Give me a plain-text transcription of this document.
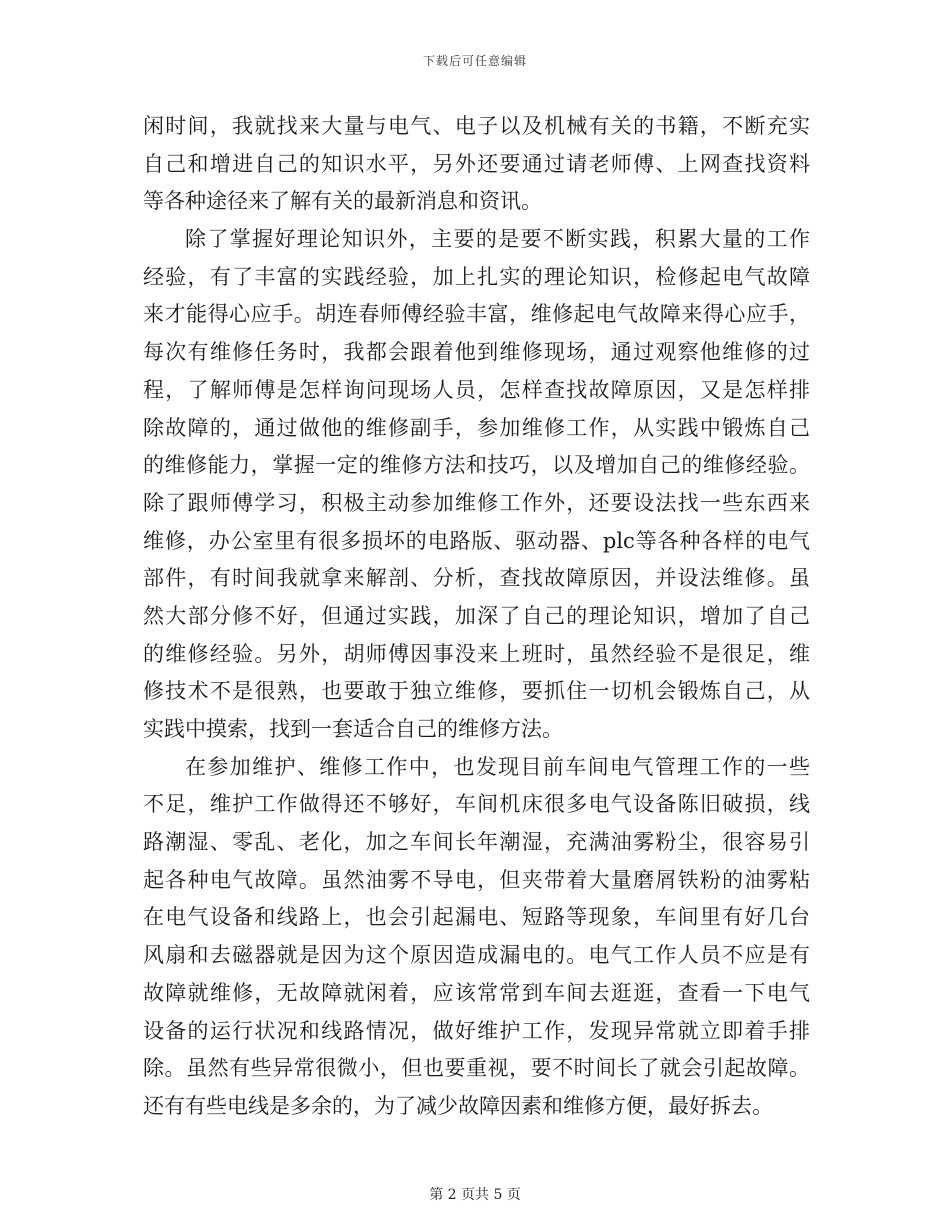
下载后可任意编辑
闲时间，我就找来大量与电气、电子以及机械有关的书籍，不断充实
自己和增进自己的知识水平，另外还要通过请老师傅、上网查找资料
等各种途径来了解有关的最新消息和资讯。
除了掌握好理论知识外，主要的是要不断实践，积累大量的工作
经验，有了丰富的实践经验，加上扎实的理论知识，检修起电气故障
来才能得心应手。胡连春师傅经验丰富，维修起电气故障来得心应手，
每次有维修任务时，我都会跟着他到维修现场，通过观察他维修的过
程，了解师傅是怎样询问现场人员，怎样查找故障原因，又是怎样排
除故障的，通过做他的维修副手，参加维修工作，从实践中锻炼自己
的维修能力，掌握一定的维修方法和技巧，以及增加自己的维修经验。
除了跟师傅学习，积极主动参加维修工作外，还要设法找一些东西来
维修，办公室里有很多损坏的电路版、驱动器、plc等各种各样的电气
部件，有时间我就拿来解剖、分析，查找故障原因，并设法维修。虽
然大部分修不好，但通过实践，加深了自己的理论知识，增加了自己
的维修经验。另外，胡师傅因事没来上班时，虽然经验不是很足，维
修技术不是很熟，也要敢于独立维修，要抓住一切机会锻炼自己，从
实践中摸索，找到一套适合自己的维修方法。
在参加维护、维修工作中，也发现目前车间电气管理工作的一些
不足，维护工作做得还不够好，车间机床很多电气设备陈旧破损，线
路潮湿、零乱、老化，加之车间长年潮湿，充满油雾粉尘，很容易引
起各种电气故障。虽然油雾不导电，但夹带着大量磨屑铁粉的油雾粘
在电气设备和线路上，也会引起漏电、短路等现象，车间里有好几台
风扇和去磁器就是因为这个原因造成漏电的。电气工作人员不应是有
故障就维修，无故障就闲着，应该常常到车间去逛逛，查看一下电气
设备的运行状况和线路情况，做好维护工作，发现异常就立即着手排
除。虽然有些异常很微小，但也要重视，要不时间长了就会引起故障。
还有有些电线是多余的，为了减少故障因素和维修方便，最好拆去。
第 2 页共 5 页
